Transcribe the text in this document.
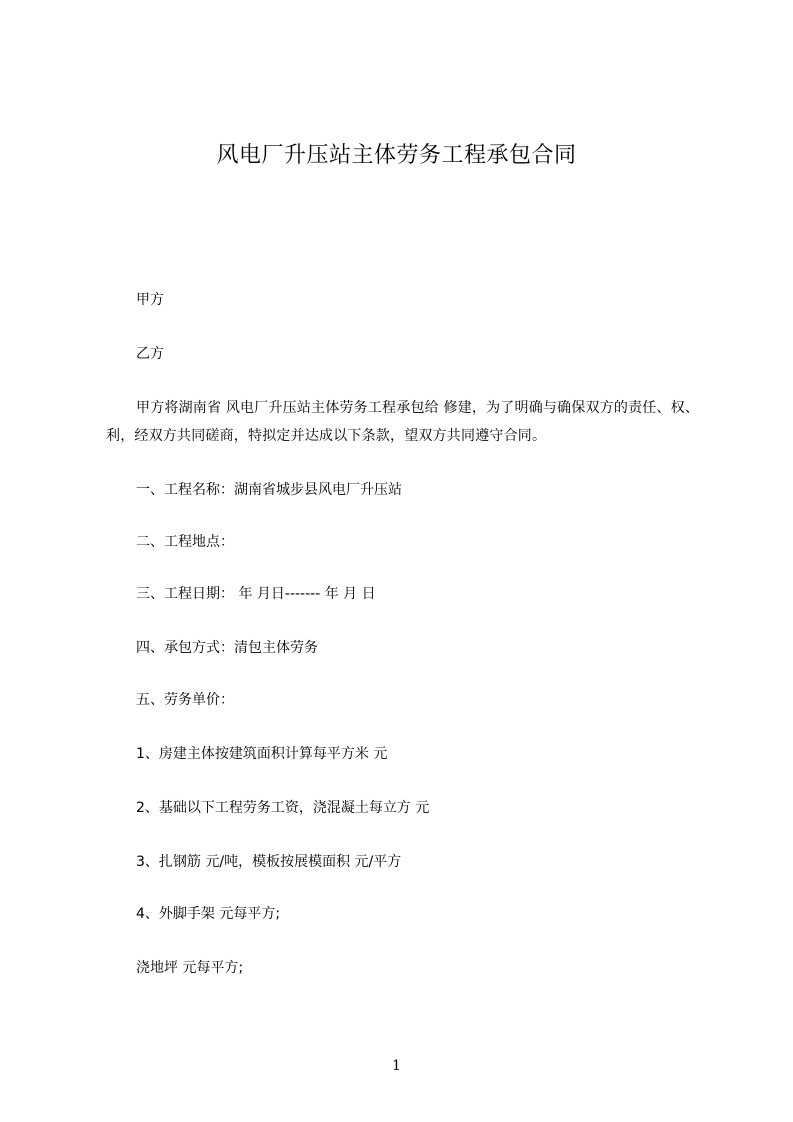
风电厂升压站主体劳务工程承包合同

甲方

乙方

甲方将湖南省 风电厂升压站主体劳务工程承包给 修建，为了明确与确保双方的责任、权、利，经双方共同磋商，特拟定并达成以下条款，望双方共同遵守合同。

一、工程名称：湖南省城步县风电厂升压站

二、工程地点：

三、工程日期： 年 月日------- 年 月 日

四、承包方式：清包主体劳务

五、劳务单价：

1、房建主体按建筑面积计算每平方米 元

2、基础以下工程劳务工资，浇混凝土每立方 元

3、扎钢筋 元/吨，模板按展模面积 元/平方

4、外脚手架 元每平方;

浇地坪 元每平方;

1
